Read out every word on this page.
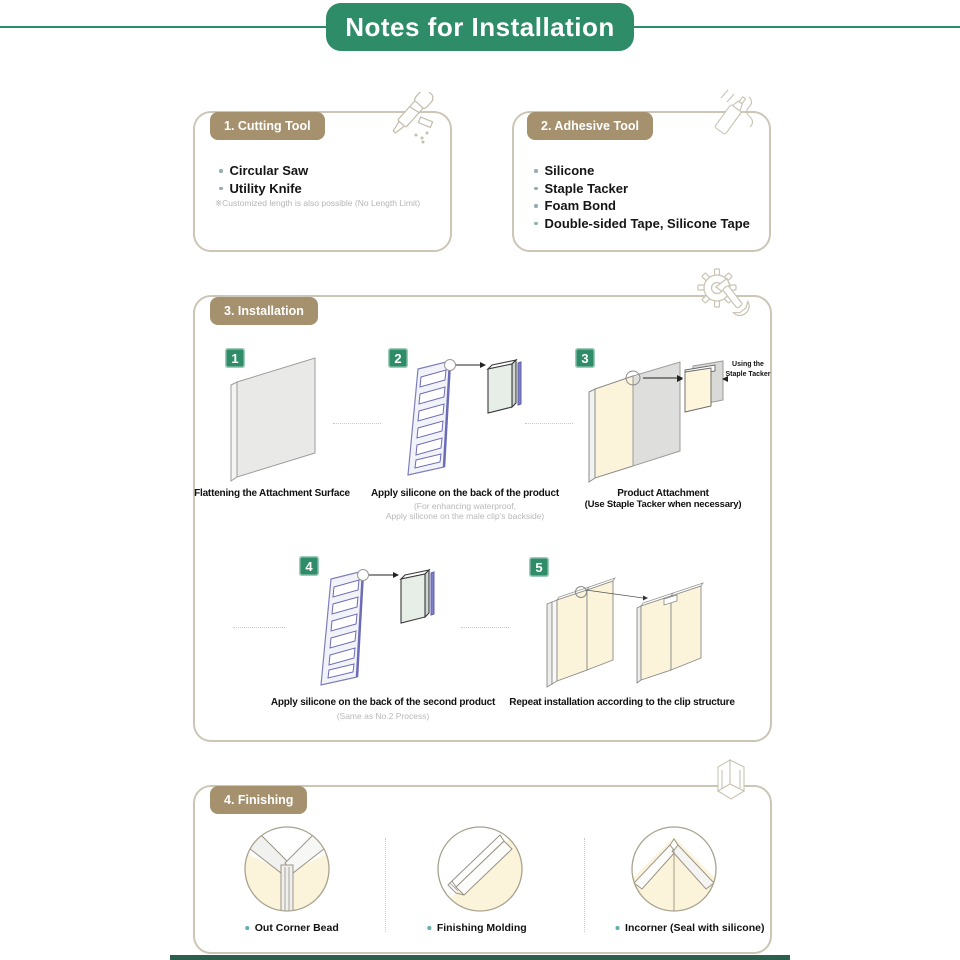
Notes for Installation
Circular Saw
Utility Knife
※Customized length is also possible (No Length Limit)
1. Cutting Tool
Silicone
Staple Tacker
Foam Bond
Double-sided Tape, Silicone Tape
2. Adhesive Tool
3. Installation
1
Flattening the Attachment Surface
2
Apply silicone on the back of the product
(For enhancing waterproof,
Apply silicone on the male clip's backside)
3	Using the
Staple Tacker
Product Attachment
(Use Staple Tacker when necessary)
4
Apply silicone on the back of the second product
(Same as No.2 Process)
5
Repeat installation according to the clip structure
4. Finishing
Out Corner Bead	Finishing Molding	Incorner (Seal with silicone)
